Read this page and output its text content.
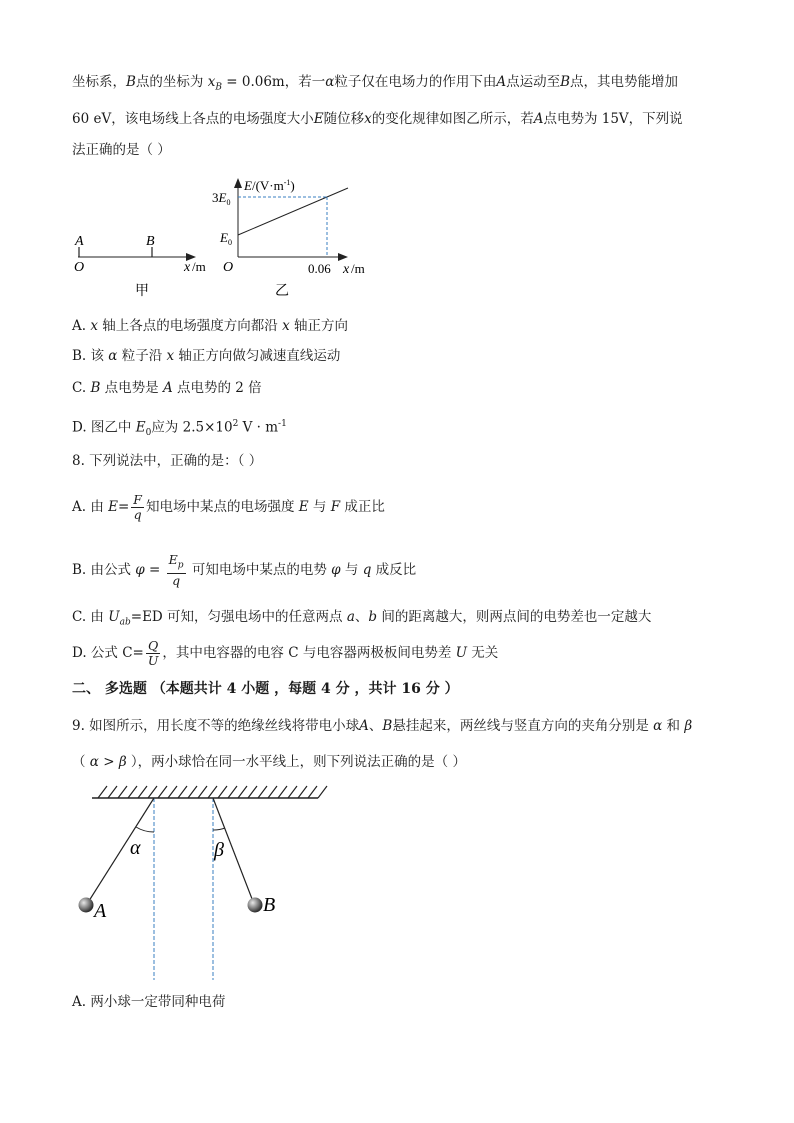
坐标系，B点的坐标为 $x_B = 0.06m$，若一α粒子仅在电场力的作用下由A点运动至B点，其电势能增加
60 eV，该电场线上各点的电场强度大小E随位移x的变化规律如图乙所示，若A点电势为 15V，下列说
法正确的是（ ）
A	B
O	x /m
甲
$E/(V\cdot m^{-1})$
$3E_0$
$E_0$
O	0.06 x /m
乙
A. x 轴上各点的电场强度方向都沿 x 轴正方向
B. 该 α 粒子沿 x 轴正方向做匀减速直线运动
C. B 点电势是 A 点电势的 2 倍
D. 图乙中 $E_0$应为 $2.5\times 10^2$ $V \cdot m^{-1}$
8. 下列说法中，正确的是：（ ）
A. 由 $E= \frac{F}{q}$ 知电场中某点的电场强度 E 与 F 成正比
B. 由公式 $\varphi = \frac{E_p}{q}$ 可知电场中某点的电势 φ 与 q 成反比
C. 由 $U_{ab}=ED$ 可知，匀强电场中的任意两点 a、b 间的距离越大，则两点间的电势差也一定越大
D. 公式 $C= \frac{Q}{U}$ ，其中电容器的电容 C 与电容器两极板间电势差 U 无关
二、 多选题 （本题共计 4 小题 ，每题 4 分 ，共计 16 分 ）
9. 如图所示，用长度不等的绝缘丝线将带电小球A、B悬挂起来，两丝线与竖直方向的夹角分别是 α 和 β
（ α > β ），两小球恰在同一水平线上，则下列说法正确的是（ ）
α	β
A	B
A. 两小球一定带同种电荷
